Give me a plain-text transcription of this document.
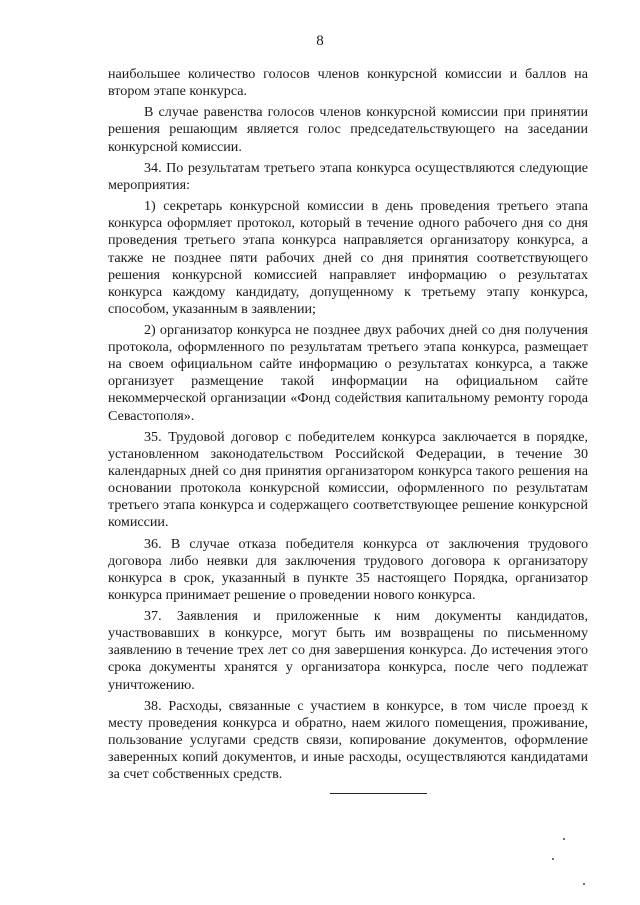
8

наибольшее количество голосов членов конкурсной комиссии и баллов на втором этапе конкурса.

В случае равенства голосов членов конкурсной комиссии при принятии решения решающим является голос председательствующего на заседании конкурсной комиссии.

34. По результатам третьего этапа конкурса осуществляются следующие мероприятия:

1) секретарь конкурсной комиссии в день проведения третьего этапа конкурса оформляет протокол, который в течение одного рабочего дня со дня проведения третьего этапа конкурса направляется организатору конкурса, а также не позднее пяти рабочих дней со дня принятия соответствующего решения конкурсной комиссией направляет информацию о результатах конкурса каждому кандидату, допущенному к третьему этапу конкурса, способом, указанным в заявлении;

2) организатор конкурса не позднее двух рабочих дней со дня получения протокола, оформленного по результатам третьего этапа конкурса, размещает на своем официальном сайте информацию о результатах конкурса, а также организует размещение такой информации на официальном сайте некоммерческой организации «Фонд содействия капитальному ремонту города Севастополя».

35. Трудовой договор с победителем конкурса заключается в порядке, установленном законодательством Российской Федерации, в течение 30 календарных дней со дня принятия организатором конкурса такого решения на основании протокола конкурсной комиссии, оформленного по результатам третьего этапа конкурса и содержащего соответствующее решение конкурсной комиссии.

36. В случае отказа победителя конкурса от заключения трудового договора либо неявки для заключения трудового договора к организатору конкурса в срок, указанный в пункте 35 настоящего Порядка, организатор конкурса принимает решение о проведении нового конкурса.

37. Заявления и приложенные к ним документы кандидатов, участвовавших в конкурсе, могут быть им возвращены по письменному заявлению в течение трех лет со дня завершения конкурса. До истечения этого срока документы хранятся у организатора конкурса, после чего подлежат уничтожению.

38. Расходы, связанные с участием в конкурсе, в том числе проезд к месту проведения конкурса и обратно, наем жилого помещения, проживание, пользование услугами средств связи, копирование документов, оформление заверенных копий документов, и иные расходы, осуществляются кандидатами за счет собственных средств.
